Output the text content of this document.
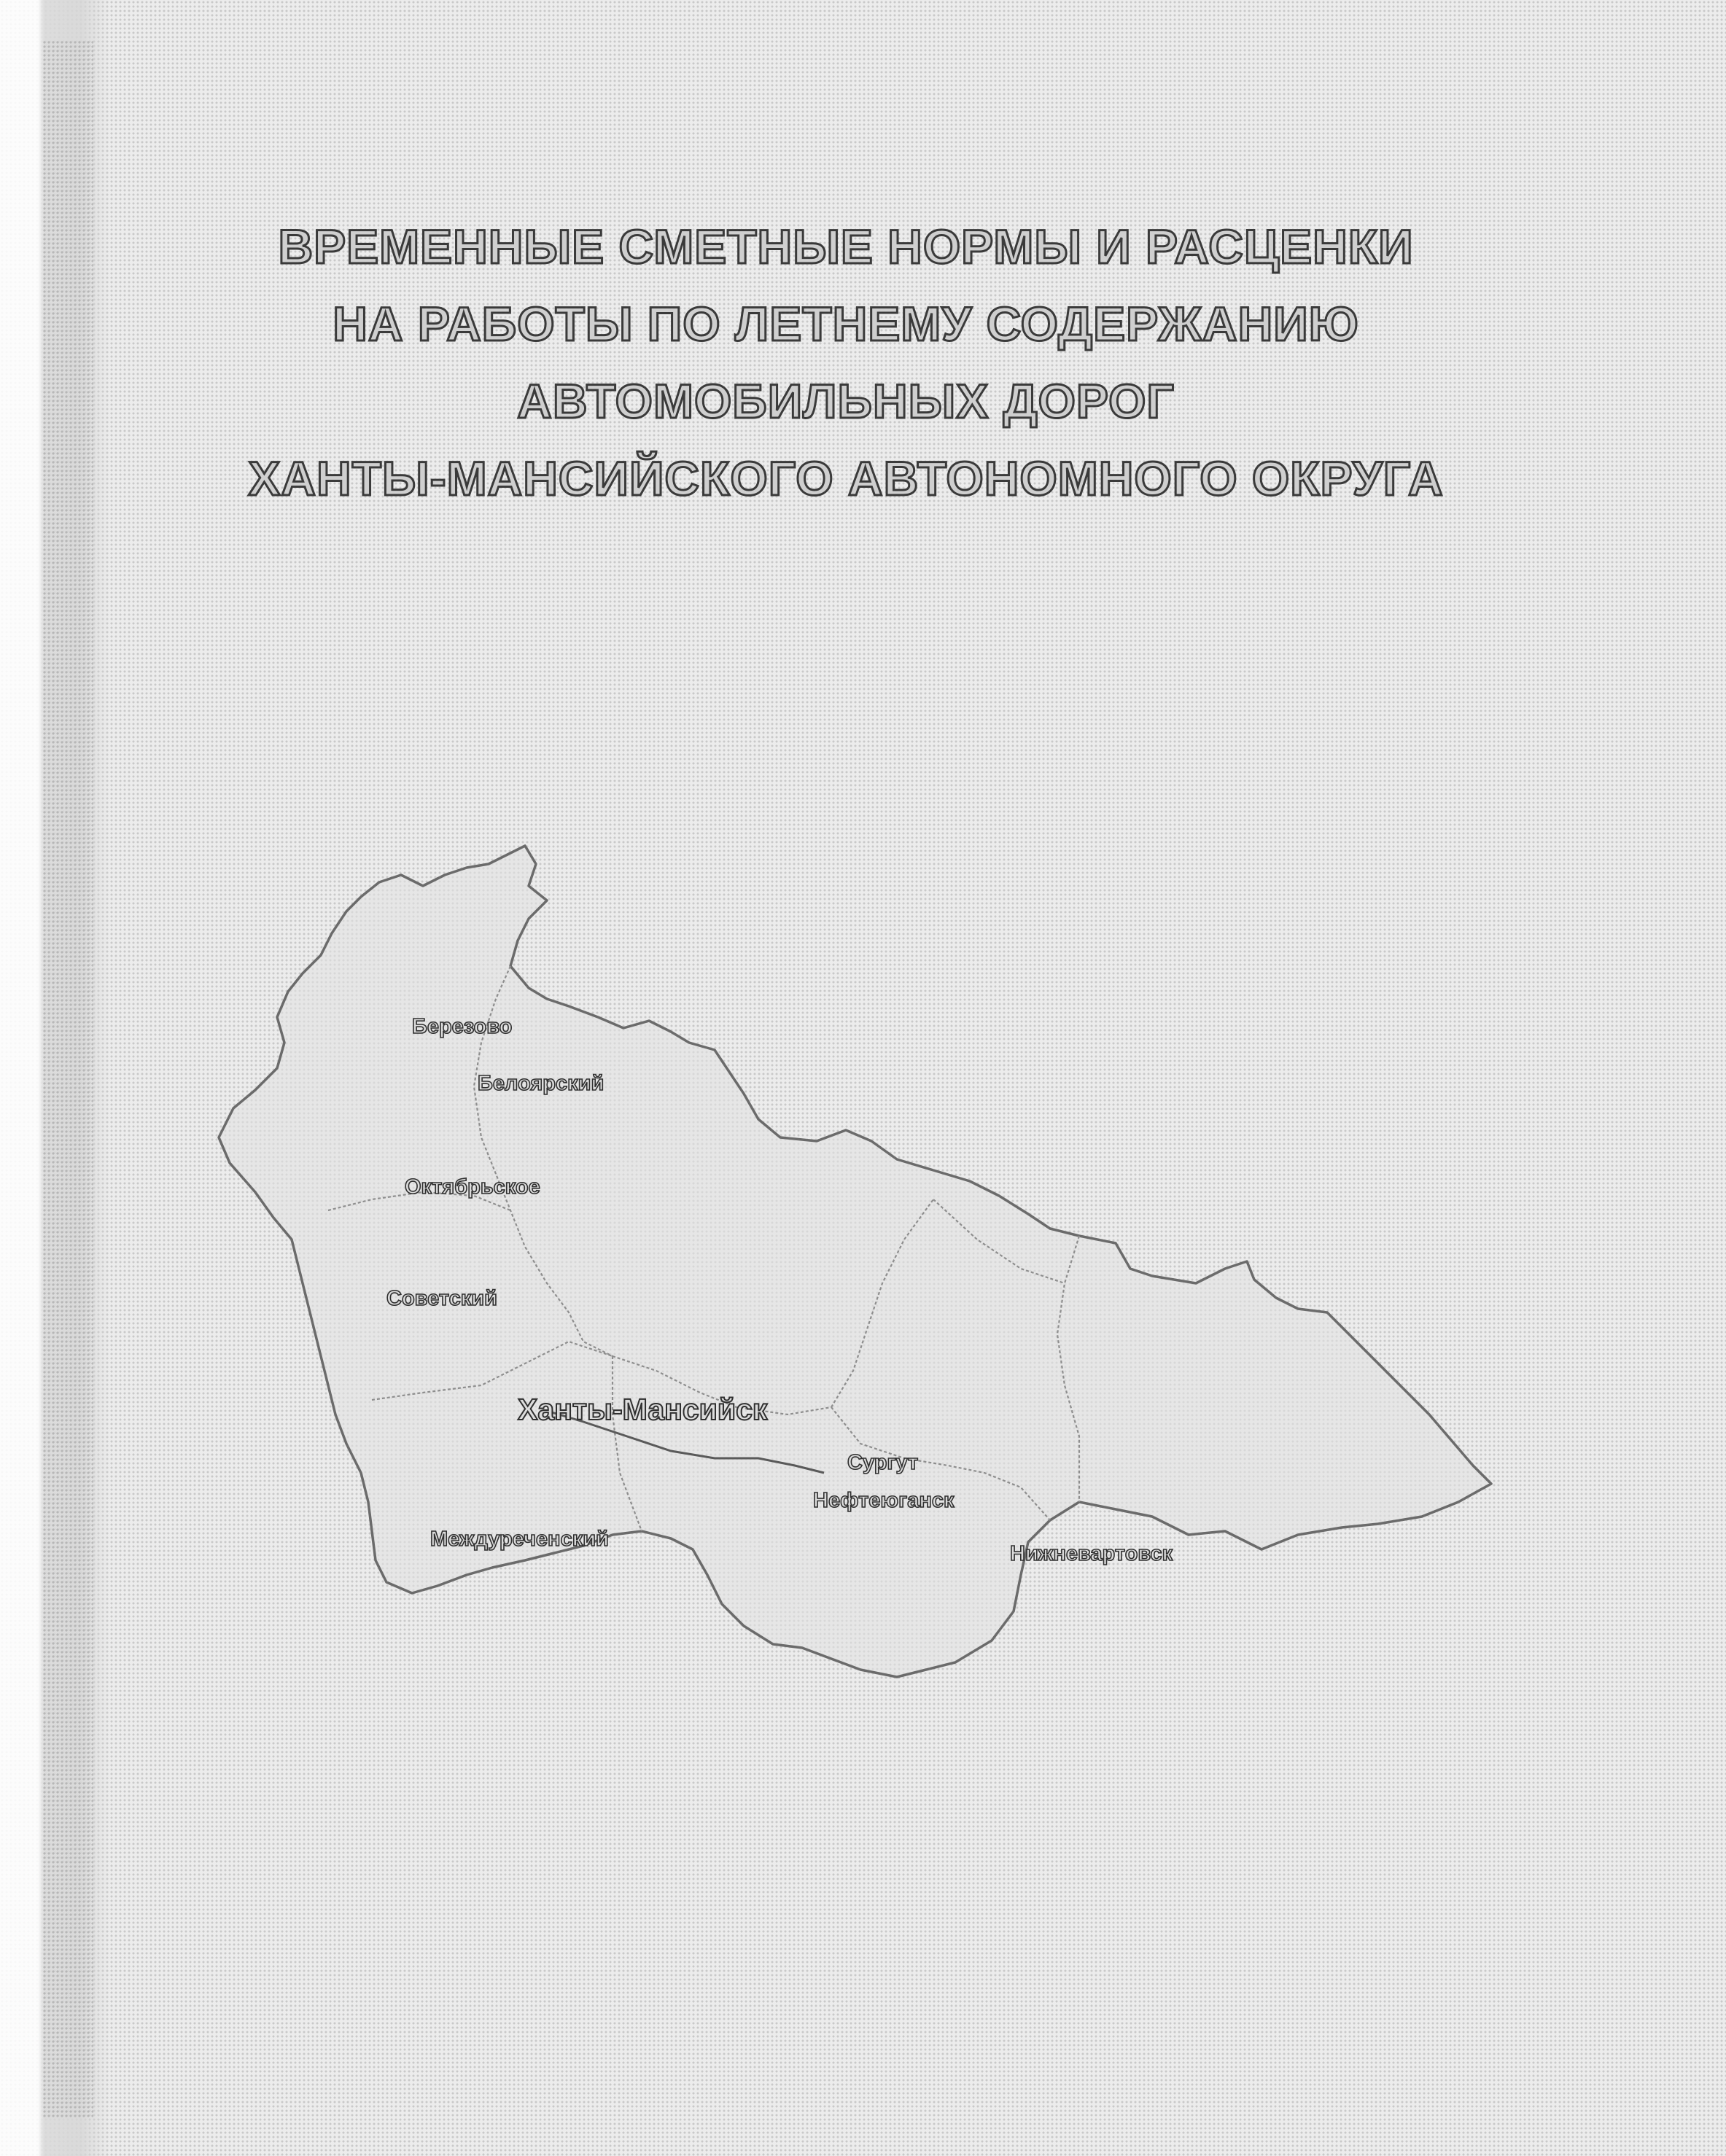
ВРЕМЕННЫЕ СМЕТНЫЕ НОРМЫ И РАСЦЕНКИ
НА РАБОТЫ ПО ЛЕТНЕМУ СОДЕРЖАНИЮ
АВТОМОБИЛЬНЫХ ДОРОГ
ХАНТЫ-МАНСИЙСКОГО АВТОНОМНОГО ОКРУГА
Березово
Белоярский
Октябрьское
Советский
Ханты-Мансийск
Сургут
Нефтеюганск
Междуреченский
Нижневартовск
